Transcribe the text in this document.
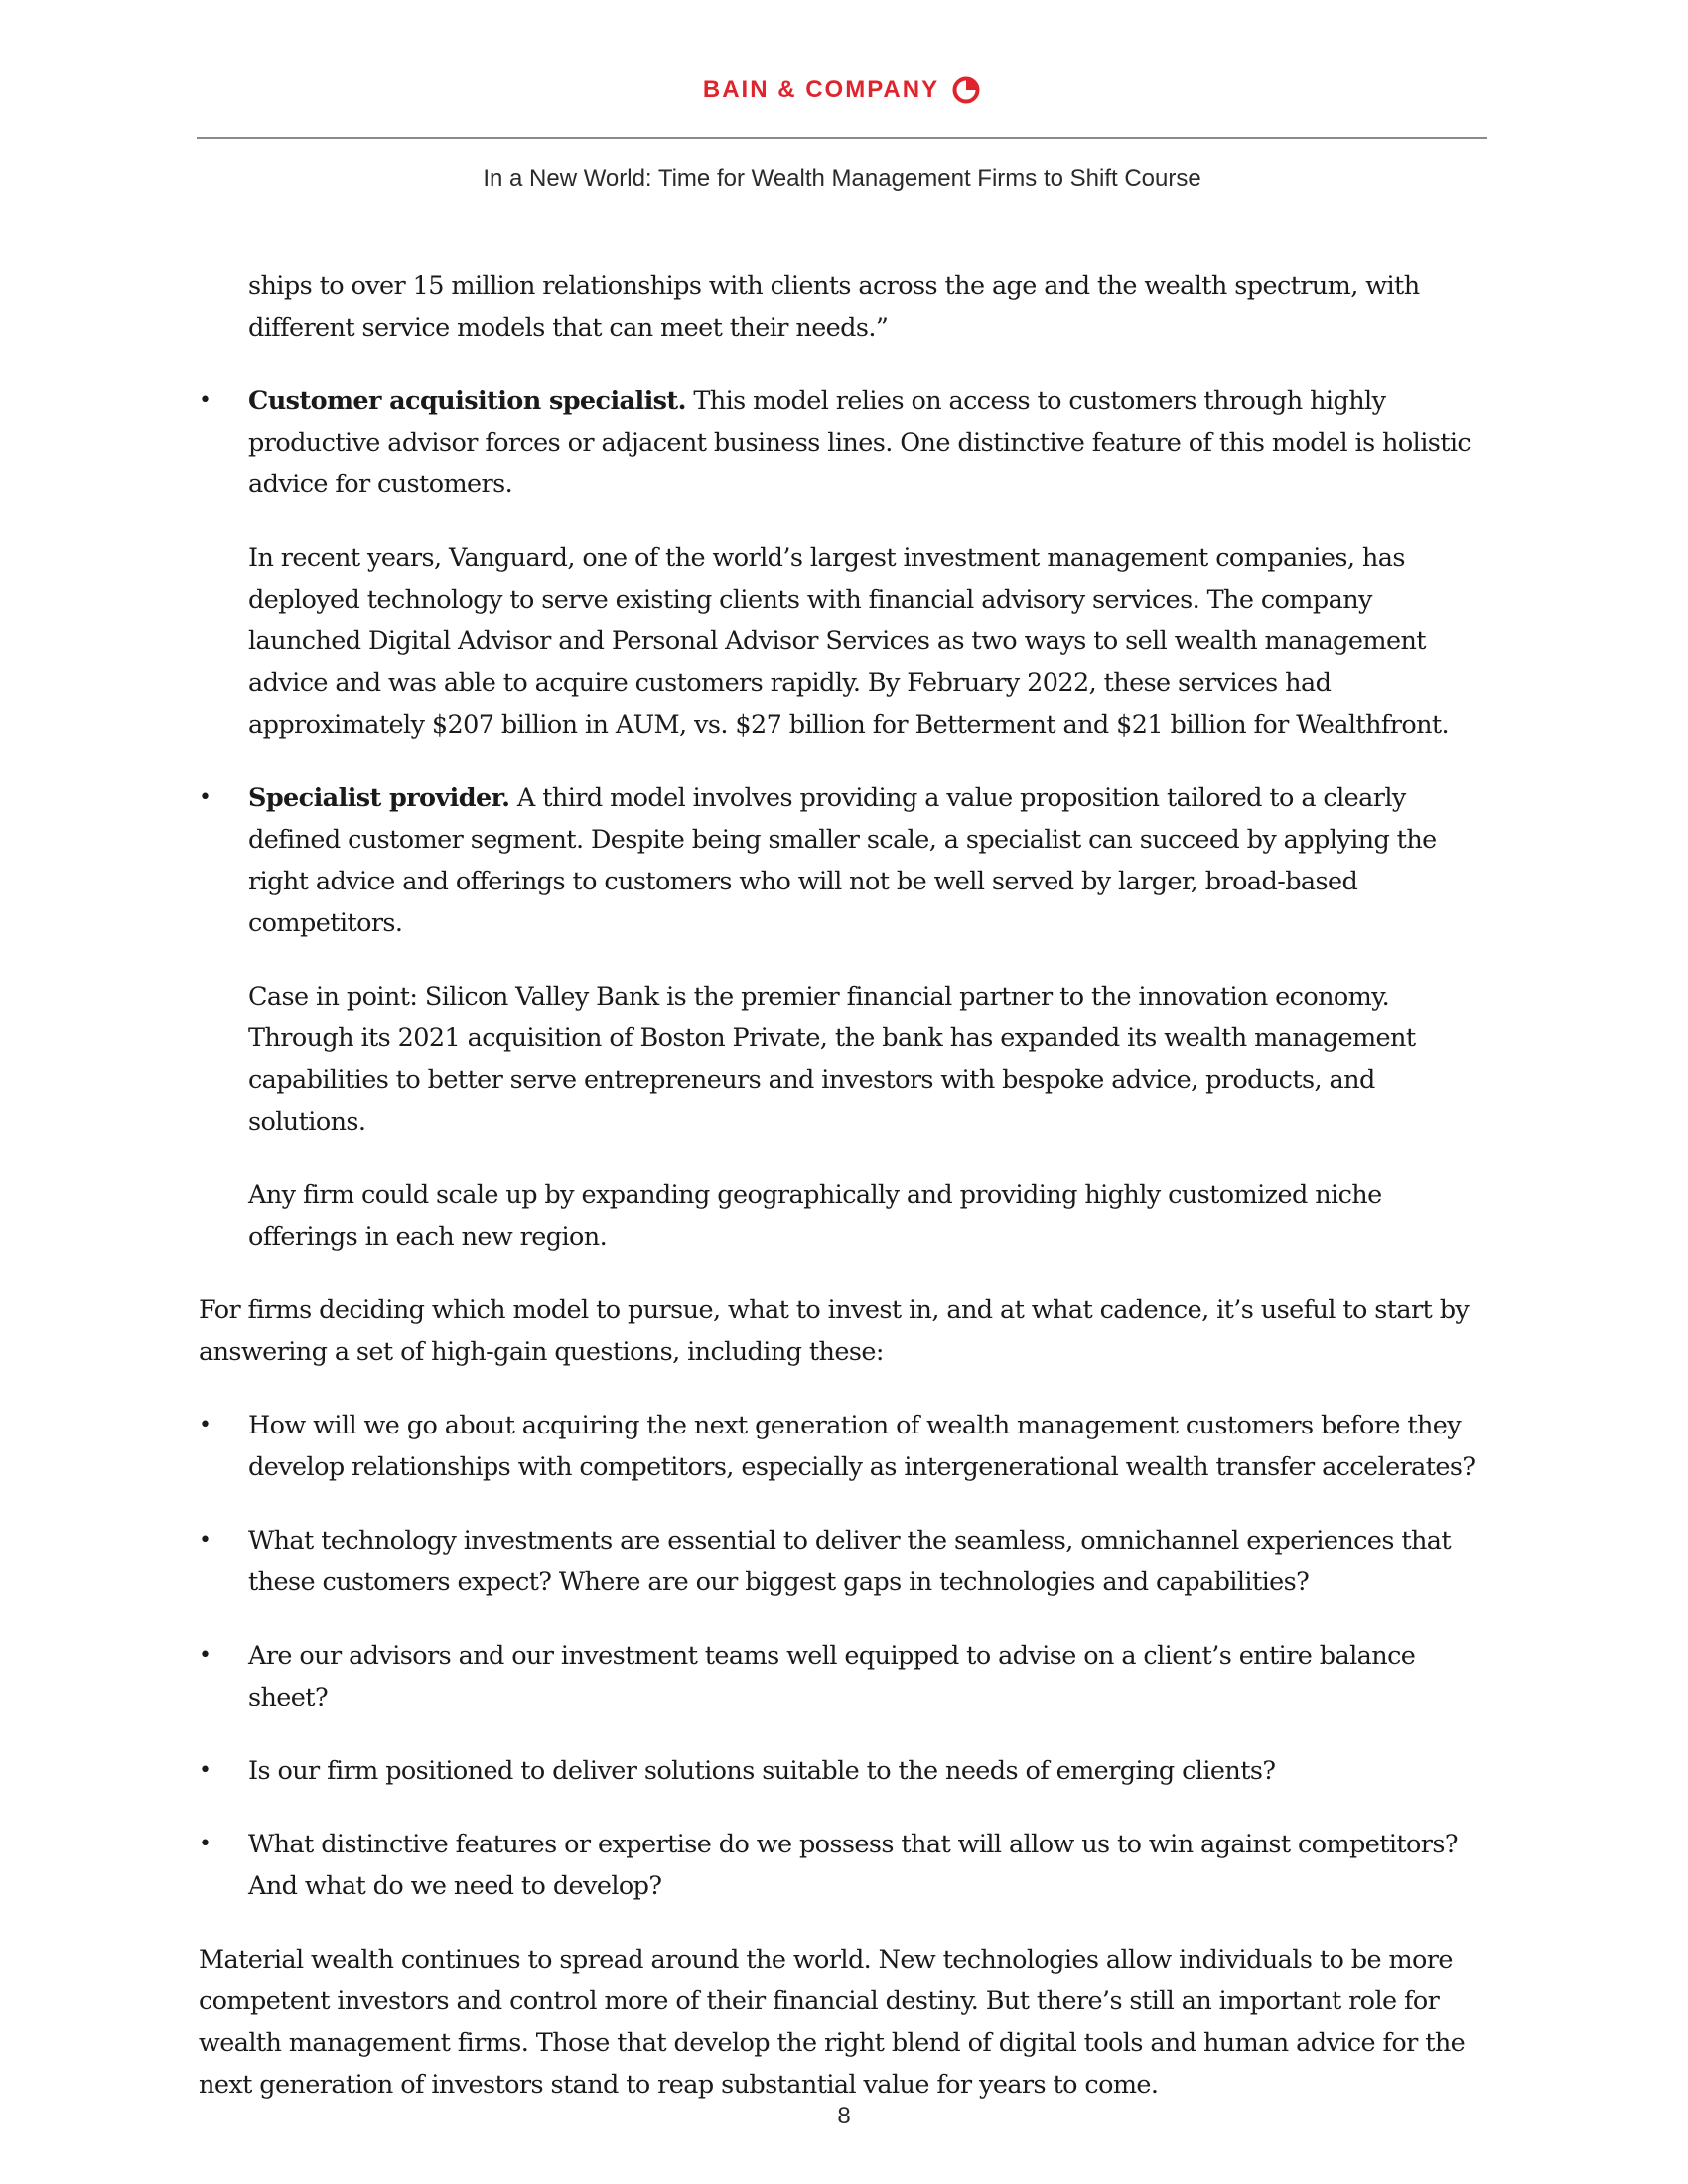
BAIN & COMPANY
In a New World: Time for Wealth Management Firms to Shift Course

ships to over 15 million relationships with clients across the age and the wealth spectrum, with different service models that can meet their needs.”

• Customer acquisition specialist. This model relies on access to customers through highly productive advisor forces or adjacent business lines. One distinctive feature of this model is holistic advice for customers.

In recent years, Vanguard, one of the world’s largest investment management companies, has deployed technology to serve existing clients with financial advisory services. The company launched Digital Advisor and Personal Advisor Services as two ways to sell wealth management advice and was able to acquire customers rapidly. By February 2022, these services had approximately $207 billion in AUM, vs. $27 billion for Betterment and $21 billion for Wealthfront.

• Specialist provider. A third model involves providing a value proposition tailored to a clearly defined customer segment. Despite being smaller scale, a specialist can succeed by applying the right advice and offerings to customers who will not be well served by larger, broad-based competitors.

Case in point: Silicon Valley Bank is the premier financial partner to the innovation economy. Through its 2021 acquisition of Boston Private, the bank has expanded its wealth management capabilities to better serve entrepreneurs and investors with bespoke advice, products, and solutions.

Any firm could scale up by expanding geographically and providing highly customized niche offerings in each new region.

For firms deciding which model to pursue, what to invest in, and at what cadence, it’s useful to start by answering a set of high-gain questions, including these:

• How will we go about acquiring the next generation of wealth management customers before they develop relationships with competitors, especially as intergenerational wealth transfer accelerates?
• What technology investments are essential to deliver the seamless, omnichannel experiences that these customers expect? Where are our biggest gaps in technologies and capabilities?
• Are our advisors and our investment teams well equipped to advise on a client’s entire balance sheet?
• Is our firm positioned to deliver solutions suitable to the needs of emerging clients?
• What distinctive features or expertise do we possess that will allow us to win against competitors? And what do we need to develop?

Material wealth continues to spread around the world. New technologies allow individuals to be more competent investors and control more of their financial destiny. But there’s still an important role for wealth management firms. Those that develop the right blend of digital tools and human advice for the next generation of investors stand to reap substantial value for years to come.

8
